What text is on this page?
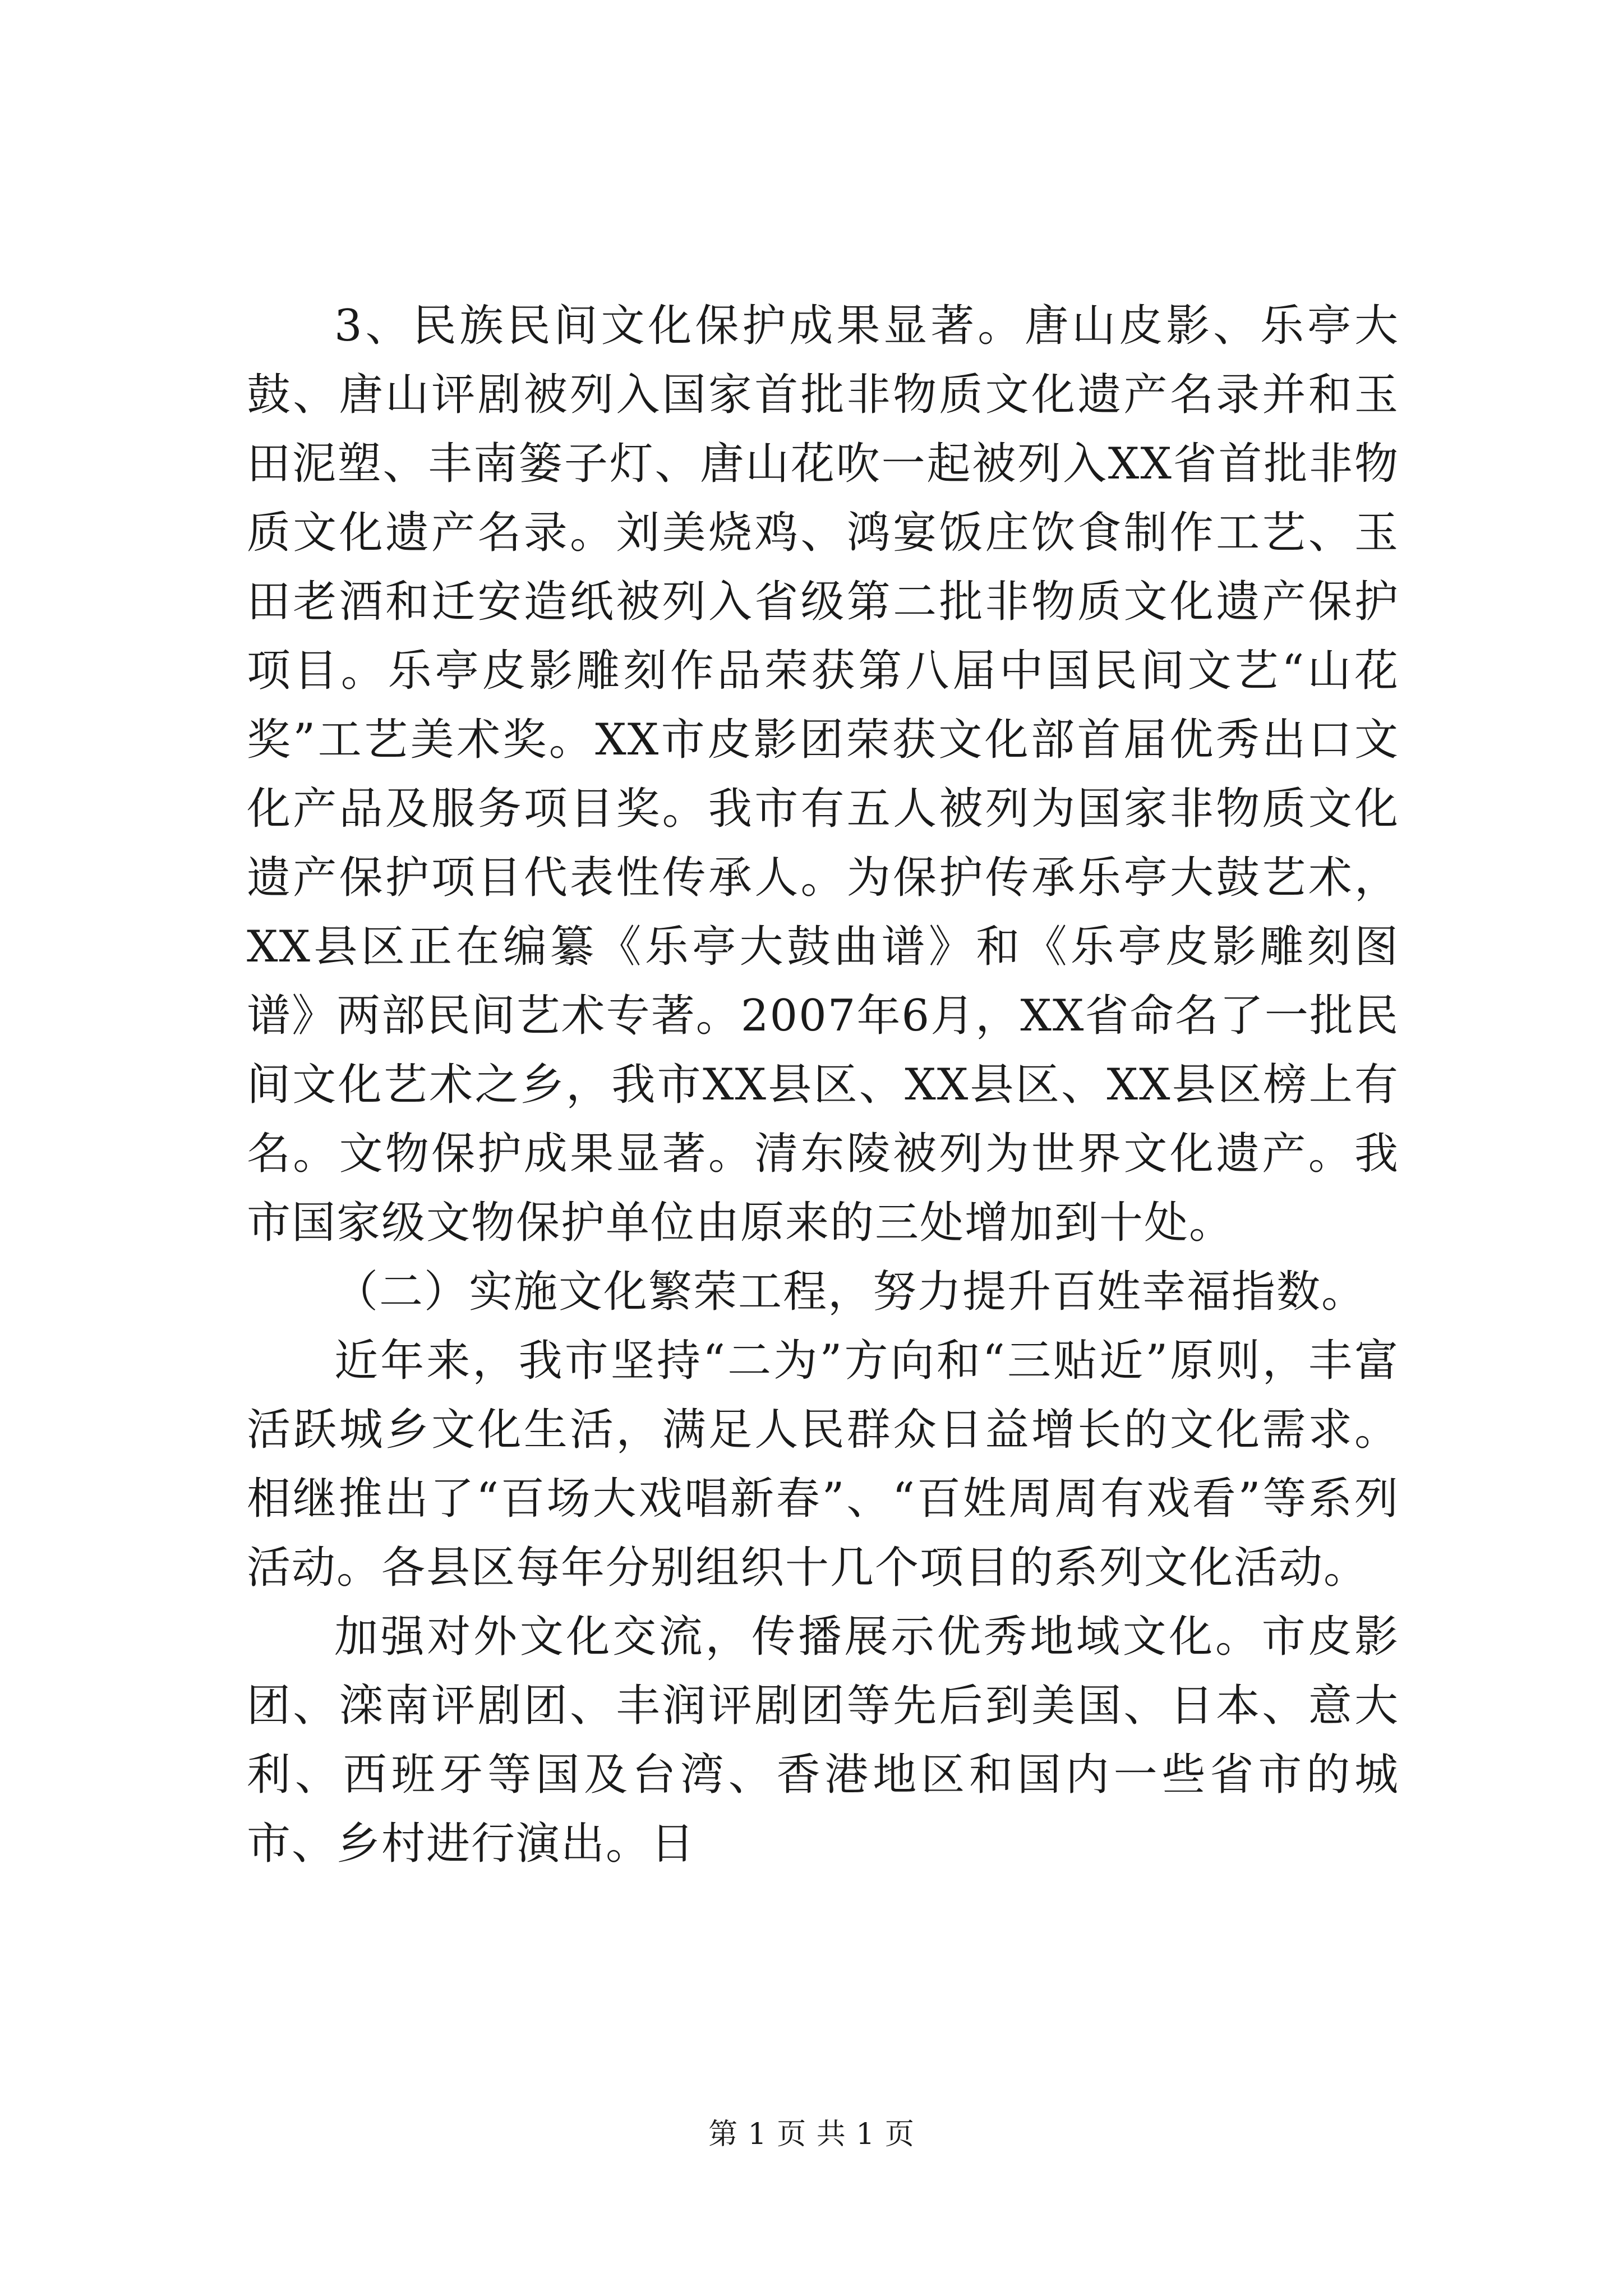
3、民族民间文化保护成果显著。唐山皮影、乐亭大鼓、唐山评剧被列入国家首批非物质文化遗产名录并和玉田泥塑、丰南篓子灯、唐山花吹一起被列入XX省首批非物质文化遗产名录。刘美烧鸡、鸿宴饭庄饮食制作工艺、玉田老酒和迁安造纸被列入省级第二批非物质文化遗产保护项目。乐亭皮影雕刻作品荣获第八届中国民间文艺“山花奖”工艺美术奖。XX市皮影团荣获文化部首届优秀出口文化产品及服务项目奖。我市有五人被列为国家非物质文化遗产保护项目代表性传承人。为保护传承乐亭大鼓艺术，XX县区正在编纂《乐亭大鼓曲谱》和《乐亭皮影雕刻图谱》两部民间艺术专著。2007年6月，XX省命名了一批民间文化艺术之乡，我市XX县区、XX县区、XX县区榜上有名。文物保护成果显著。清东陵被列为世界文化遗产。我市国家级文物保护单位由原来的三处增加到十处。

（二）实施文化繁荣工程，努力提升百姓幸福指数。

近年来，我市坚持“二为”方向和“三贴近”原则，丰富活跃城乡文化生活，满足人民群众日益增长的文化需求。相继推出了“百场大戏唱新春”、“百姓周周有戏看”等系列活动。各县区每年分别组织十几个项目的系列文化活动。

加强对外文化交流，传播展示优秀地域文化。市皮影团、滦南评剧团、丰润评剧团等先后到美国、日本、意大利、西班牙等国及台湾、香港地区和国内一些省市的城市、乡村进行演出。日

第 1 页 共 1 页
